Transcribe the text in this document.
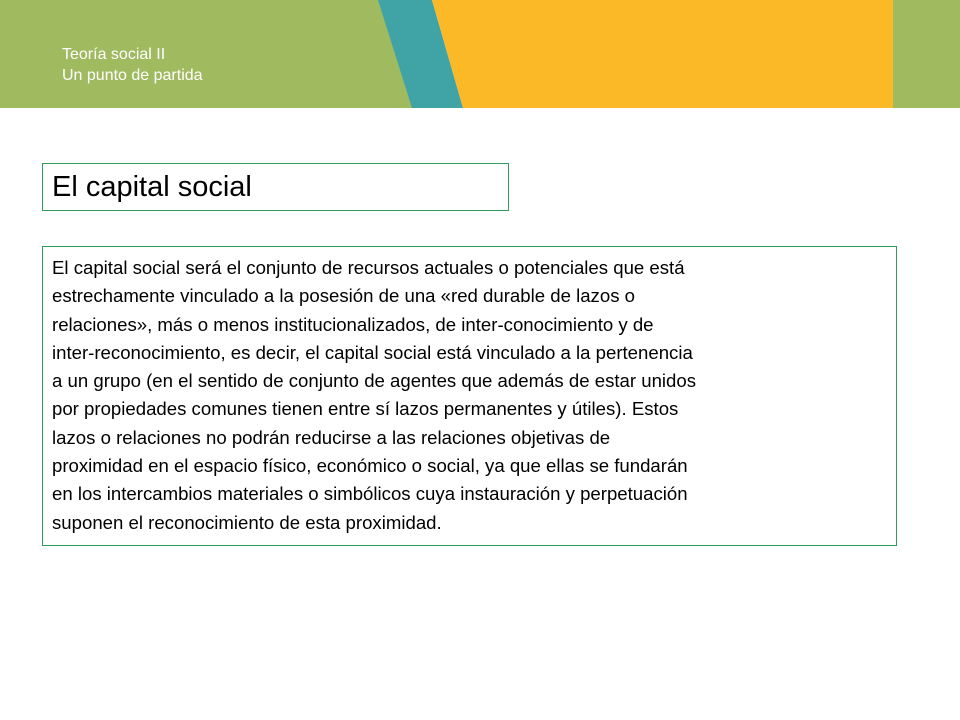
Teoría social II
Un punto de partida
El capital social
El capital social será el conjunto de recursos actuales o potenciales que está
estrechamente vinculado a la posesión de una «red durable de lazos o
relaciones», más o menos institucionalizados, de inter-conocimiento y de
inter-reconocimiento, es decir, el capital social está vinculado a la pertenencia
a un grupo (en el sentido de conjunto de agentes que además de estar unidos
por propiedades comunes tienen entre sí lazos permanentes y útiles). Estos
lazos o relaciones no podrán reducirse a las relaciones objetivas de
proximidad en el espacio físico, económico o social, ya que ellas se fundarán
en los intercambios materiales o simbólicos cuya instauración y perpetuación
suponen el reconocimiento de esta proximidad.
